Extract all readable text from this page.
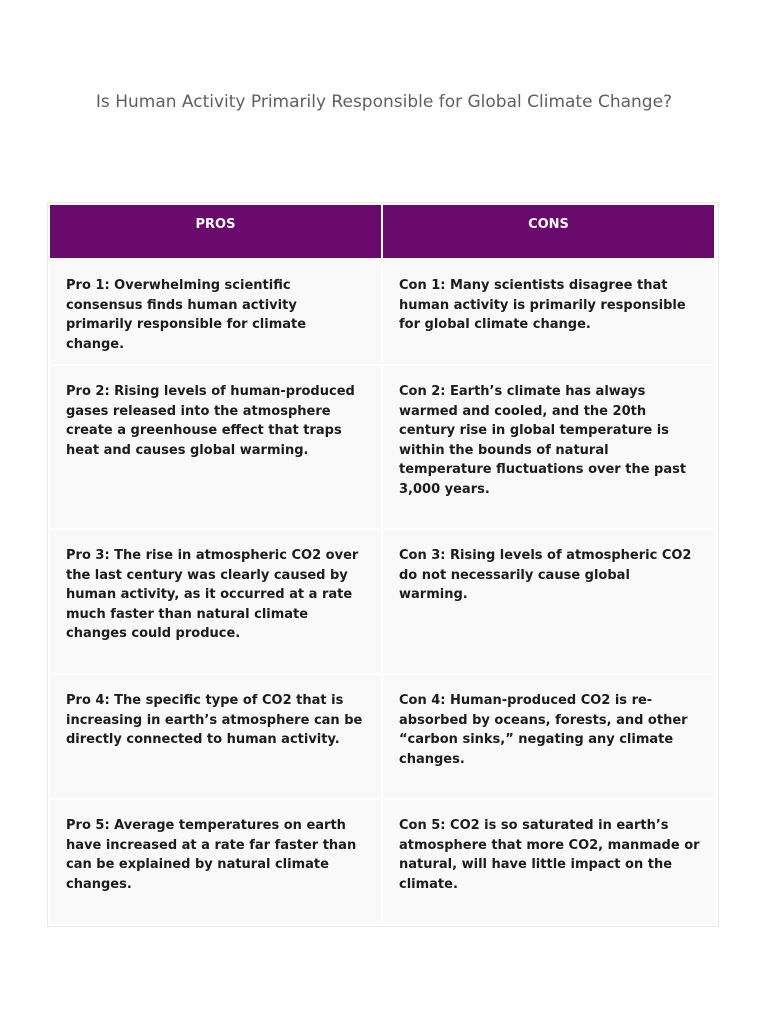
Is Human Activity Primarily Responsible for Global Climate Change?
PROS	CONS
Pro 1: Overwhelming scientific consensus finds human activity primarily responsible for climate change.	Con 1: Many scientists disagree that human activity is primarily responsible for global climate change.
Pro 2: Rising levels of human-produced gases released into the atmosphere create a greenhouse effect that traps heat and causes global warming.	Con 2: Earth’s climate has always warmed and cooled, and the 20th century rise in global temperature is within the bounds of natural temperature fluctuations over the past 3,000 years.
Pro 3: The rise in atmospheric CO2 over the last century was clearly caused by human activity, as it occurred at a rate much faster than natural climate changes could produce.	Con 3: Rising levels of atmospheric CO2 do not necessarily cause global warming.
Pro 4: The specific type of CO2 that is increasing in earth’s atmosphere can be directly connected to human activity.	Con 4: Human-produced CO2 is re-absorbed by oceans, forests, and other “carbon sinks,” negating any climate changes.
Pro 5: Average temperatures on earth have increased at a rate far faster than can be explained by natural climate changes.	Con 5: CO2 is so saturated in earth’s atmosphere that more CO2, manmade or natural, will have little impact on the climate.
